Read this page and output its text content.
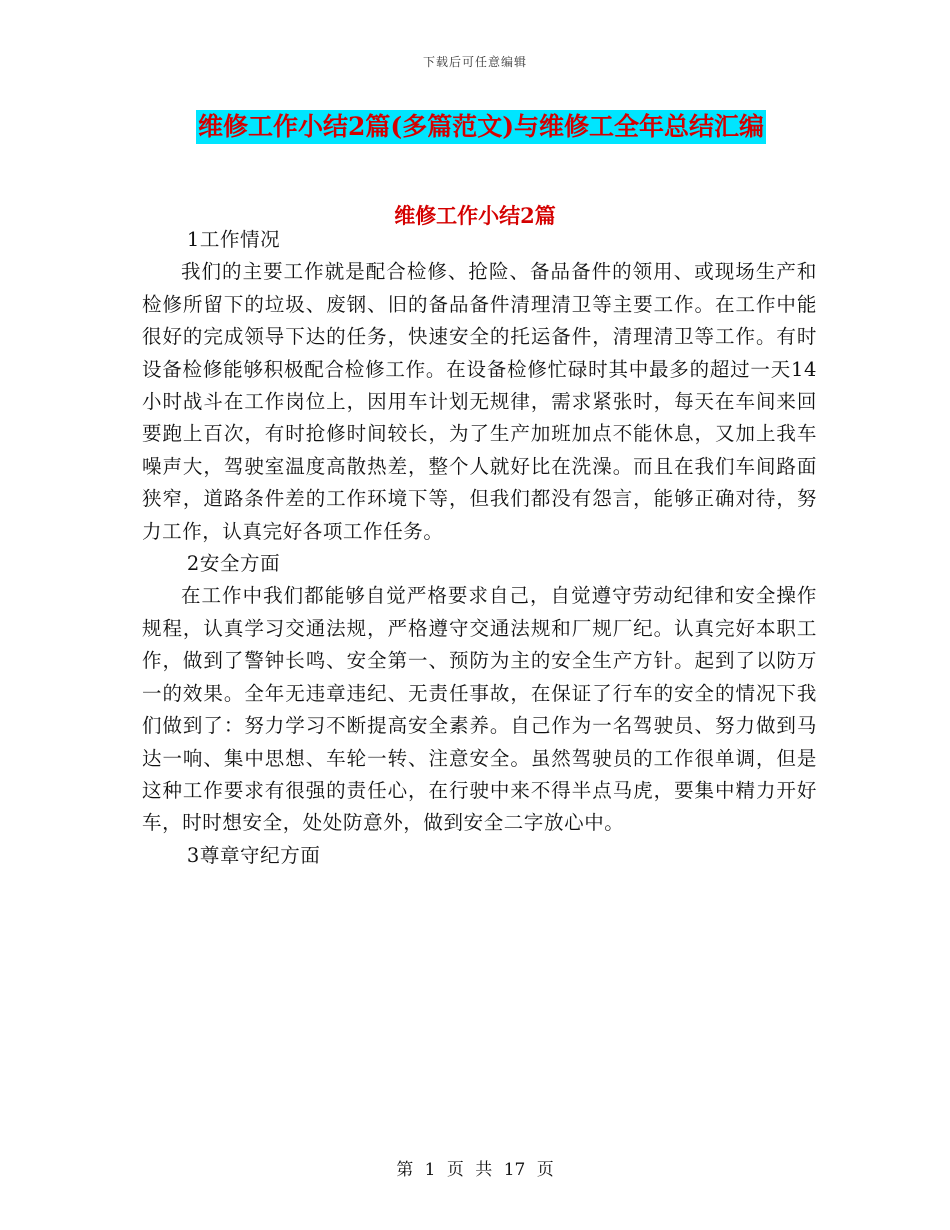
下载后可任意编辑
维修工作小结2篇(多篇范文)与维修工全年总结汇编
维修工作小结2篇

1工作情况

我们的主要工作就是配合检修、抢险、备品备件的领用、或现场生产和检修所留下的垃圾、废钢、旧的备品备件清理清卫等主要工作。在工作中能很好的完成领导下达的任务，快速安全的托运备件，清理清卫等工作。有时设备检修能够积极配合检修工作。在设备检修忙碌时其中最多的超过一天14小时战斗在工作岗位上，因用车计划无规律，需求紧张时，每天在车间来回要跑上百次，有时抢修时间较长，为了生产加班加点不能休息，又加上我车噪声大，驾驶室温度高散热差，整个人就好比在洗澡。而且在我们车间路面狭窄，道路条件差的工作环境下等，但我们都没有怨言，能够正确对待，努力工作，认真完好各项工作任务。

2安全方面

在工作中我们都能够自觉严格要求自己，自觉遵守劳动纪律和安全操作规程，认真学习交通法规，严格遵守交通法规和厂规厂纪。认真完好本职工作，做到了警钟长鸣、安全第一、预防为主的安全生产方针。起到了以防万一的效果。全年无违章违纪、无责任事故，在保证了行车的安全的情况下我们做到了：努力学习不断提高安全素养。自己作为一名驾驶员、努力做到马达一响、集中思想、车轮一转、注意安全。虽然驾驶员的工作很单调，但是这种工作要求有很强的责任心，在行驶中来不得半点马虎，要集中精力开好车，时时想安全，处处防意外，做到安全二字放心中。

3尊章守纪方面

第 1 页 共 17 页
